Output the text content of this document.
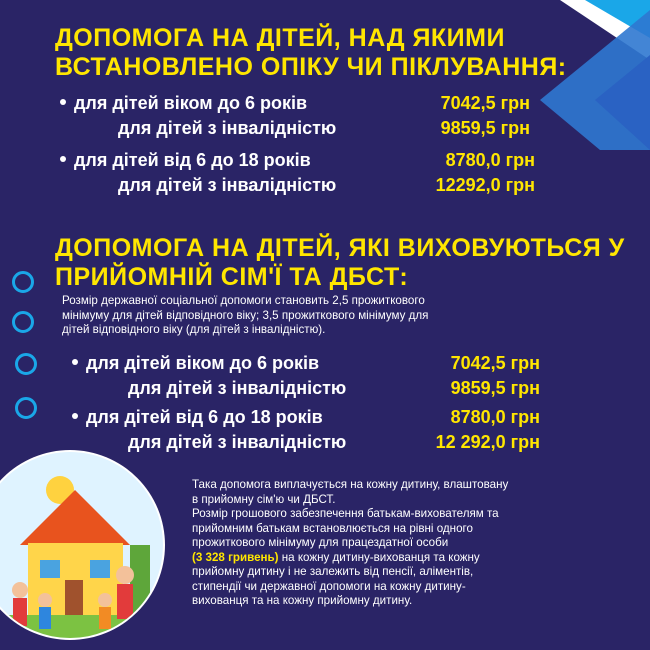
ДОПОМОГА НА ДІТЕЙ, НАД ЯКИМИ
ВСТАНОВЛЕНО ОПІКУ ЧИ ПІКЛУВАННЯ:
для дітей віком до 6 років	7042,5 грн
для дітей з інвалідністю	9859,5 грн
для дітей від 6 до 18 років	8780,0 грн
для дітей з інвалідністю	12292,0 грн
ДОПОМОГА НА ДІТЕЙ, ЯКІ ВИХОВУЮТЬСЯ У
ПРИЙОМНІЙ СІМ'Ї ТА ДБСТ:
Розмір державної соціальної допомоги становить 2,5 прожиткового
мінімуму для дітей відповідного віку; 3,5 прожиткового мінімуму для
дітей відповідного віку (для дітей з інвалідністю).
для дітей віком до 6 років	7042,5 грн
для дітей з інвалідністю	9859,5 грн
для дітей від 6 до 18 років	8780,0 грн
для дітей з інвалідністю	12 292,0 грн
Така допомога виплачується на кожну дитину, влаштовану
в прийомну сім'ю чи ДБСТ.
Розмір грошового забезпечення батькам-вихователям та
прийомним батькам встановлюється на рівні одного
прожиткового мінімуму для працездатної особи
(3 328 гривень) на кожну дитину-вихованця та кожну
прийомну дитину і не залежить від пенсії, аліментів,
стипендії чи державної допомоги на кожну дитину-
вихованця та на кожну прийомну дитину.
